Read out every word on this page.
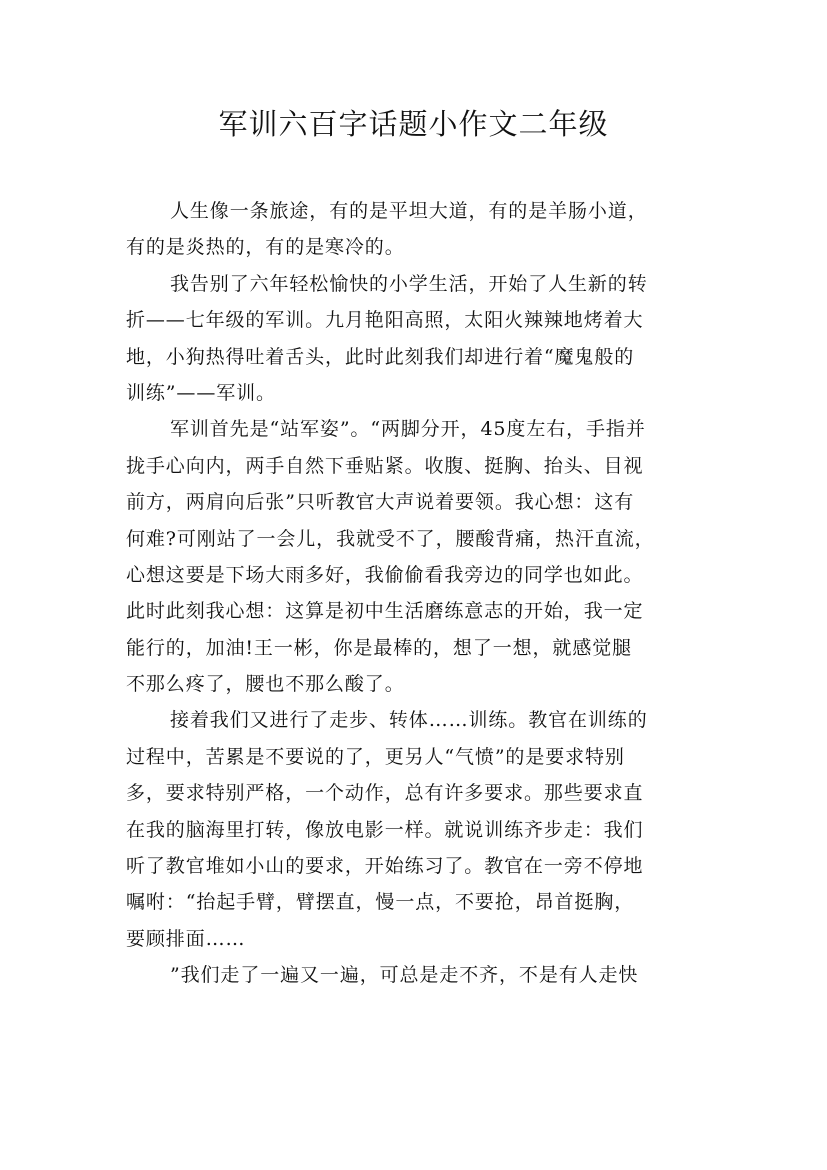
军训六百字话题小作文二年级
人生像一条旅途，有的是平坦大道，有的是羊肠小道，
有的是炎热的，有的是寒冷的。
我告别了六年轻松愉快的小学生活，开始了人生新的转
折——七年级的军训。九月艳阳高照，太阳火辣辣地烤着大
地，小狗热得吐着舌头，此时此刻我们却进行着“魔鬼般的
训练”——军训。
军训首先是“站军姿”。“两脚分开，45度左右，手指并
拢手心向内，两手自然下垂贴紧。收腹、挺胸、抬头、目视
前方，两肩向后张”只听教官大声说着要领。我心想：这有
何难?可刚站了一会儿，我就受不了，腰酸背痛，热汗直流，
心想这要是下场大雨多好，我偷偷看我旁边的同学也如此。
此时此刻我心想：这算是初中生活磨练意志的开始，我一定
能行的，加油!王一彬，你是最棒的，想了一想，就感觉腿
不那么疼了，腰也不那么酸了。
接着我们又进行了走步、转体……训练。教官在训练的
过程中，苦累是不要说的了，更另人“气愤”的是要求特别
多，要求特别严格，一个动作，总有许多要求。那些要求直
在我的脑海里打转，像放电影一样。就说训练齐步走：我们
听了教官堆如小山的要求，开始练习了。教官在一旁不停地
嘱咐：“抬起手臂，臂摆直，慢一点，不要抢，昂首挺胸，
要顾排面……
”我们走了一遍又一遍，可总是走不齐，不是有人走快
